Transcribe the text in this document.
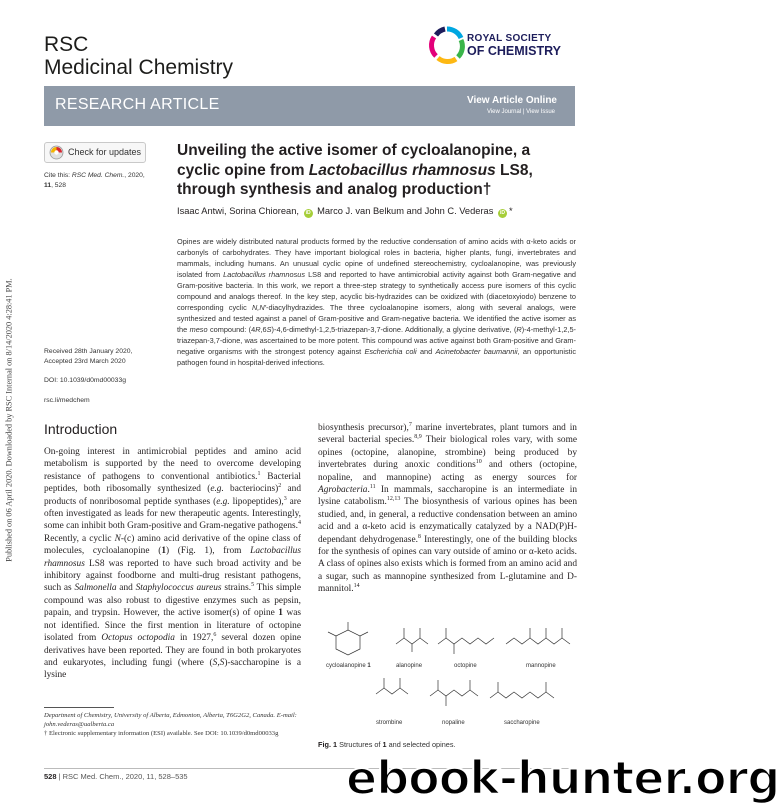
Published on 06 April 2020. Downloaded by RSC Internal on 8/14/2020 4:28:41 PM.
RSC
Medicinal Chemistry
ROYAL SOCIETY
OF CHEMISTRY
RESEARCH ARTICLE	View Article Online
View Journal | View Issue
Check for updates
Cite this: RSC Med. Chem., 2020, 11, 528
Unveiling the active isomer of cycloalanopine, a cyclic opine from Lactobacillus rhamnosus LS8, through synthesis and analog production†
Isaac Antwi, Sorina Chiorean, iD Marco J. van Belkum and John C. Vederas iD *
Opines are widely distributed natural products formed by the reductive condensation of amino acids with α-keto acids or carbonyls of carbohydrates. They have important biological roles in bacteria, higher plants, fungi, invertebrates and mammals, including humans. An unusual cyclic opine of undefined stereochemistry, cycloalanopine, was previously isolated from Lactobacillus rhamnosus LS8 and reported to have antimicrobial activity against both Gram-negative and Gram-positive bacteria. In this work, we report a three-step strategy to synthetically access pure isomers of this cyclic compound and analogs thereof. In the key step, acyclic bis-hydrazides can be oxidized with (diacetoxyiodo) benzene to corresponding cyclic N,N′-diacylhydrazides. The three cycloalanopine isomers, along with several analogs, were synthesized and tested against a panel of Gram-positive and Gram-negative bacteria. We identified the active isomer as the meso compound: (4R,6S)-4,6-dimethyl-1,2,5-triazepan-3,7-dione. Additionally, a glycine derivative, (R)-4-methyl-1,2,5-triazepan-3,7-dione, was ascertained to be more potent. This compound was active against both Gram-positive and Gram-negative organisms with the strongest potency against Escherichia coli and Acinetobacter baumannii, an opportunistic pathogen found in hospital-derived infections.
Received 28th January 2020,
Accepted 23rd March 2020
DOI: 10.1039/d0md00033g
rsc.li/medchem
Introduction
On-going interest in antimicrobial peptides and amino acid metabolism is supported by the need to overcome developing resistance of pathogens to conventional antibiotics.$^1$ Bacterial peptides, both ribosomally synthesized (e.g. bacteriocins)$^2$ and products of nonribosomal peptide synthases (e.g. lipopeptides),$^3$ are often investigated as leads for new therapeutic agents. Interestingly, some can inhibit both Gram-positive and Gram-negative pathogens.$^4$ Recently, a cyclic N-(c) amino acid derivative of the opine class of molecules, cycloalanopine (1) (Fig. 1), from Lactobacillus rhamnosus LS8 was reported to have such broad activity and be inhibitory against foodborne and multi-drug resistant pathogens, such as Salmonella and Staphylococcus aureus strains.$^5$ This simple compound was also robust to digestive enzymes such as pepsin, papain, and trypsin. However, the active isomer(s) of opine 1 was not identified. Since the first mention in literature of octopine isolated from Octopus octopodia in 1927,$^6$ several dozen opine derivatives have been reported. They are found in both prokaryotes and eukaryotes, including fungi (where (S,S)-saccharopine is a lysine
biosynthesis precursor),$^7$ marine invertebrates, plant tumors and in several bacterial species.$^{8,9}$ Their biological roles vary, with some opines (octopine, alanopine, strombine) being produced by invertebrates during anoxic conditions$^{10}$ and others (octopine, nopaline, and mannopine) acting as energy sources for Agrobacteria.$^{11}$ In mammals, saccharopine is an intermediate in lysine catabolism.$^{12,13}$ The biosynthesis of various opines has been studied, and, in general, a reductive condensation between an amino acid and a α-keto acid is enzymatically catalyzed by a NAD(P)H-dependant dehydrogenase.$^8$ Interestingly, one of the building blocks for the synthesis of opines can vary outside of amino or α-keto acids. A class of opines also exists which is formed from an amino acid and a sugar, such as mannopine synthesized from L-glutamine and D-mannitol.$^{14}$
cycloalanopine 1	alanopine	octopine	mannopine
strombine	nopaline	saccharopine
Fig. 1 Structures of 1 and selected opines.
Department of Chemistry, University of Alberta, Edmonton, Alberta, T6G2G2, Canada. E-mail: john.vederas@ualberta.ca
† Electronic supplementary information (ESI) available. See DOI: 10.1039/d0md00033g
528 | RSC Med. Chem., 2020, 11, 528–535	ebook-hunter.org
